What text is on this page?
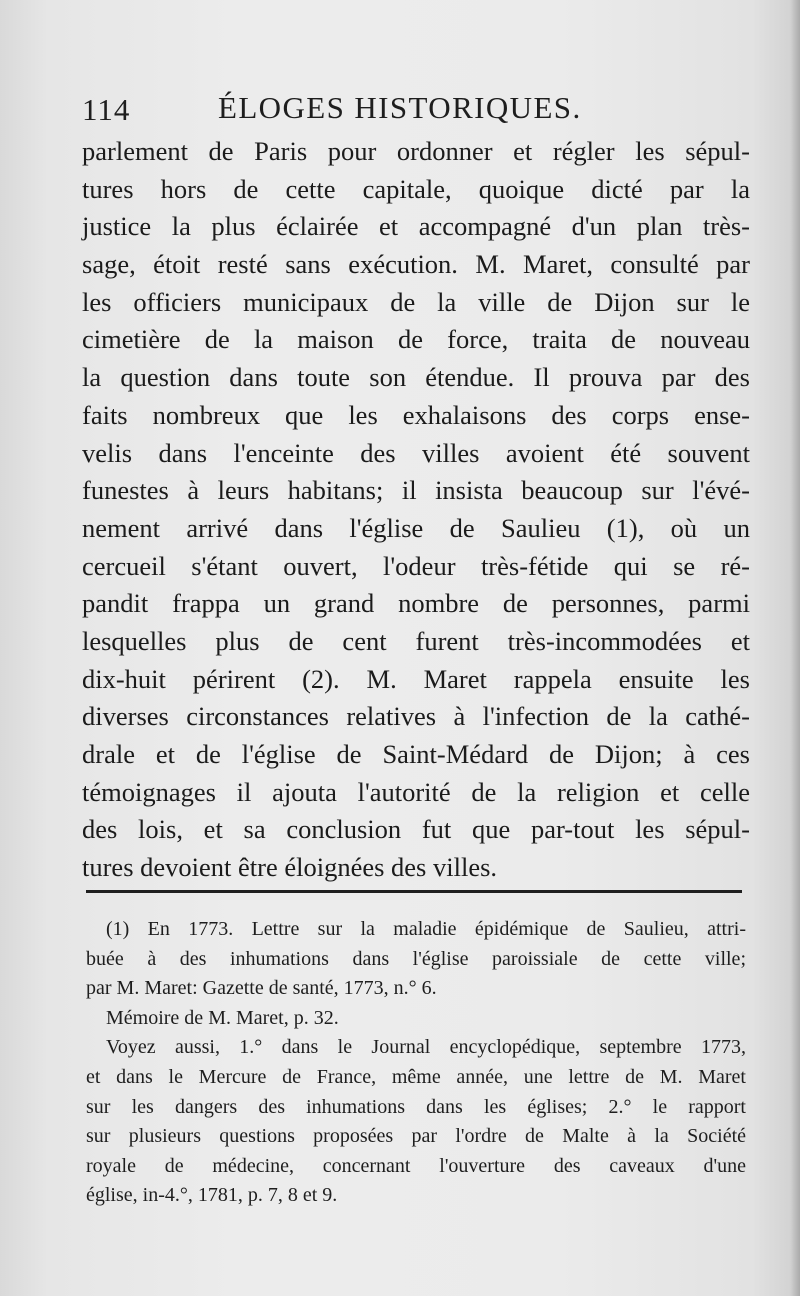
114	ÉLOGES HISTORIQUES.
parlement de Paris pour ordonner et régler les sépul-
tures hors de cette capitale, quoique dicté par la
justice la plus éclairée et accompagné d'un plan très-
sage, étoit resté sans exécution. M. Maret, consulté par
les officiers municipaux de la ville de Dijon sur le
cimetière de la maison de force, traita de nouveau
la question dans toute son étendue. Il prouva par des
faits nombreux que les exhalaisons des corps ense-
velis dans l'enceinte des villes avoient été souvent
funestes à leurs habitans; il insista beaucoup sur l'évé-
nement arrivé dans l'église de Saulieu (1), où un
cercueil s'étant ouvert, l'odeur très-fétide qui se ré-
pandit frappa un grand nombre de personnes, parmi
lesquelles plus de cent furent très-incommodées et
dix-huit périrent (2). M. Maret rappela ensuite les
diverses circonstances relatives à l'infection de la cathé-
drale et de l'église de Saint-Médard de Dijon; à ces
témoignages il ajouta l'autorité de la religion et celle
des lois, et sa conclusion fut que par-tout les sépul-
tures devoient être éloignées des villes.
(1) En 1773. Lettre sur la maladie épidémique de Saulieu, attri-
buée à des inhumations dans l'église paroissiale de cette ville;
par M. Maret: Gazette de santé, 1773, n.° 6.
Mémoire de M. Maret, p. 32.
Voyez aussi, 1.° dans le Journal encyclopédique, septembre 1773,
et dans le Mercure de France, même année, une lettre de M. Maret
sur les dangers des inhumations dans les églises; 2.° le rapport
sur plusieurs questions proposées par l'ordre de Malte à la Société
royale de médecine, concernant l'ouverture des caveaux d'une
église, in-4.°, 1781, p. 7, 8 et 9.
